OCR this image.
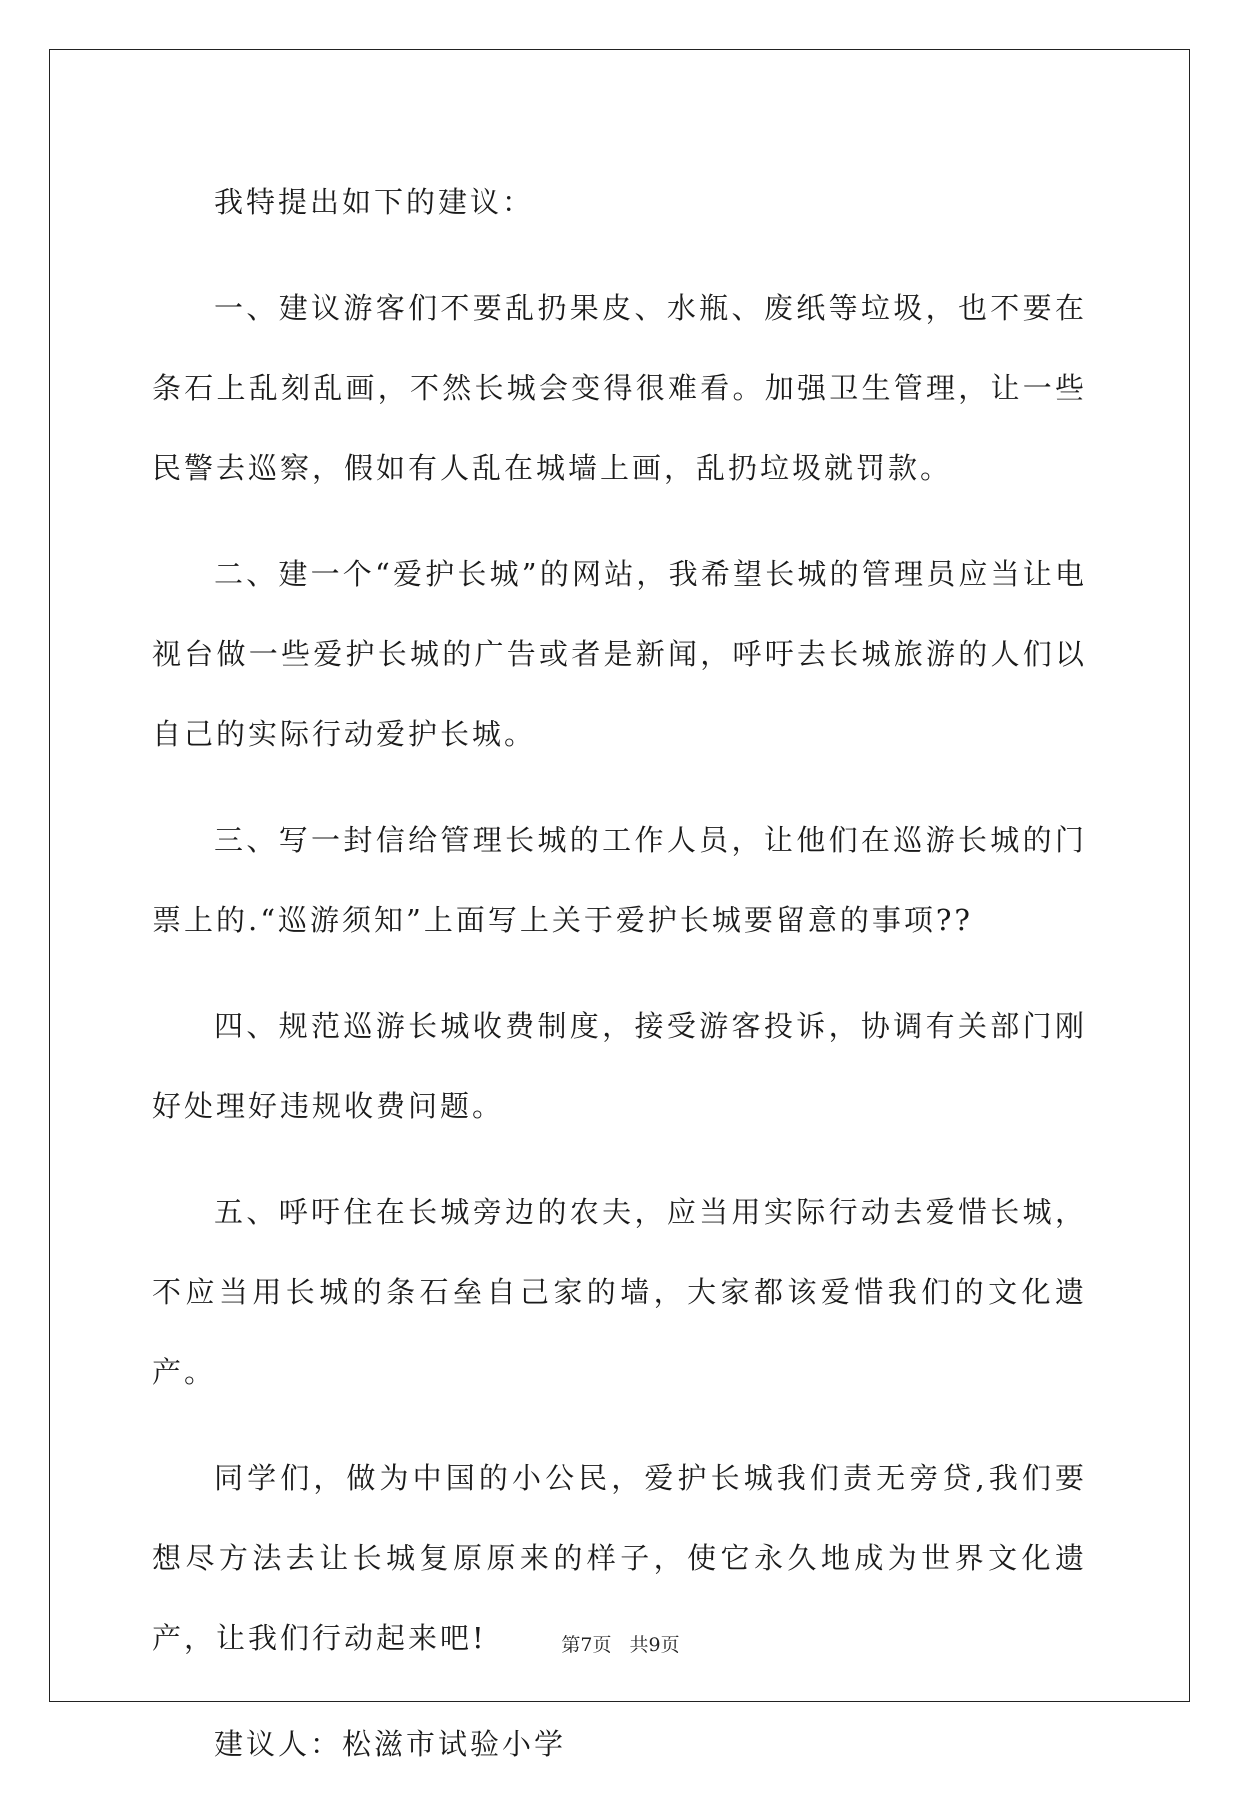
我特提出如下的建议：

一、建议游客们不要乱扔果皮、水瓶、废纸等垃圾，也不要在条石上乱刻乱画，不然长城会变得很难看。加强卫生管理，让一些民警去巡察，假如有人乱在城墙上画，乱扔垃圾就罚款。

二、建一个“爱护长城”的网站，我希望长城的管理员应当让电视台做一些爱护长城的广告或者是新闻，呼吁去长城旅游的人们以自己的实际行动爱护长城。

三、写一封信给管理长城的工作人员，让他们在巡游长城的门票上的.“巡游须知”上面写上关于爱护长城要留意的事项??

四、规范巡游长城收费制度，接受游客投诉，协调有关部门刚好处理好违规收费问题。

五、呼吁住在长城旁边的农夫，应当用实际行动去爱惜长城，不应当用长城的条石垒自己家的墙，大家都该爱惜我们的文化遗产。

同学们，做为中国的小公民，爱护长城我们责无旁贷,我们要想尽方法去让长城复原原来的样子，使它永久地成为世界文化遗产，让我们行动起来吧!

建议人：松滋市试验小学

第7页 共9页
